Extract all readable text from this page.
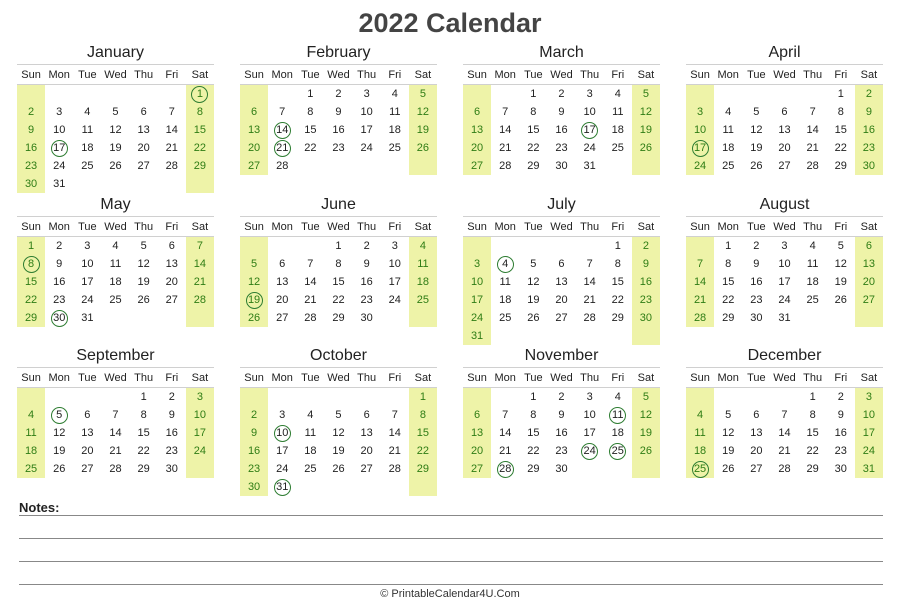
2022 Calendar
January
Sun	Mon	Tue	Wed	Thu	Fri	Sat
						1
2	3	4	5	6	7	8
9	10	11	12	13	14	15
16	17	18	19	20	21	22
23	24	25	26	27	28	29
30	31					
February
Sun	Mon	Tue	Wed	Thu	Fri	Sat
		1	2	3	4	5
6	7	8	9	10	11	12
13	14	15	16	17	18	19
20	21	22	23	24	25	26
27	28					
March
Sun	Mon	Tue	Wed	Thu	Fri	Sat
		1	2	3	4	5
6	7	8	9	10	11	12
13	14	15	16	17	18	19
20	21	22	23	24	25	26
27	28	29	30	31		
April
Sun	Mon	Tue	Wed	Thu	Fri	Sat
					1	2
3	4	5	6	7	8	9
10	11	12	13	14	15	16
17	18	19	20	21	22	23
24	25	26	27	28	29	30
May
Sun	Mon	Tue	Wed	Thu	Fri	Sat
1	2	3	4	5	6	7
8	9	10	11	12	13	14
15	16	17	18	19	20	21
22	23	24	25	26	27	28
29	30	31				
June
Sun	Mon	Tue	Wed	Thu	Fri	Sat
			1	2	3	4
5	6	7	8	9	10	11
12	13	14	15	16	17	18
19	20	21	22	23	24	25
26	27	28	29	30		
July
Sun	Mon	Tue	Wed	Thu	Fri	Sat
					1	2
3	4	5	6	7	8	9
10	11	12	13	14	15	16
17	18	19	20	21	22	23
24	25	26	27	28	29	30
31						
August
Sun	Mon	Tue	Wed	Thu	Fri	Sat
	1	2	3	4	5	6
7	8	9	10	11	12	13
14	15	16	17	18	19	20
21	22	23	24	25	26	27
28	29	30	31			
September
Sun	Mon	Tue	Wed	Thu	Fri	Sat
				1	2	3
4	5	6	7	8	9	10
11	12	13	14	15	16	17
18	19	20	21	22	23	24
25	26	27	28	29	30	
October
Sun	Mon	Tue	Wed	Thu	Fri	Sat
						1
2	3	4	5	6	7	8
9	10	11	12	13	14	15
16	17	18	19	20	21	22
23	24	25	26	27	28	29
30	31					
November
Sun	Mon	Tue	Wed	Thu	Fri	Sat
		1	2	3	4	5
6	7	8	9	10	11	12
13	14	15	16	17	18	19
20	21	22	23	24	25	26
27	28	29	30			
December
Sun	Mon	Tue	Wed	Thu	Fri	Sat
				1	2	3
4	5	6	7	8	9	10
11	12	13	14	15	16	17
18	19	20	21	22	23	24
25	26	27	28	29	30	31
Notes:
© PrintableCalendar4U.Com
